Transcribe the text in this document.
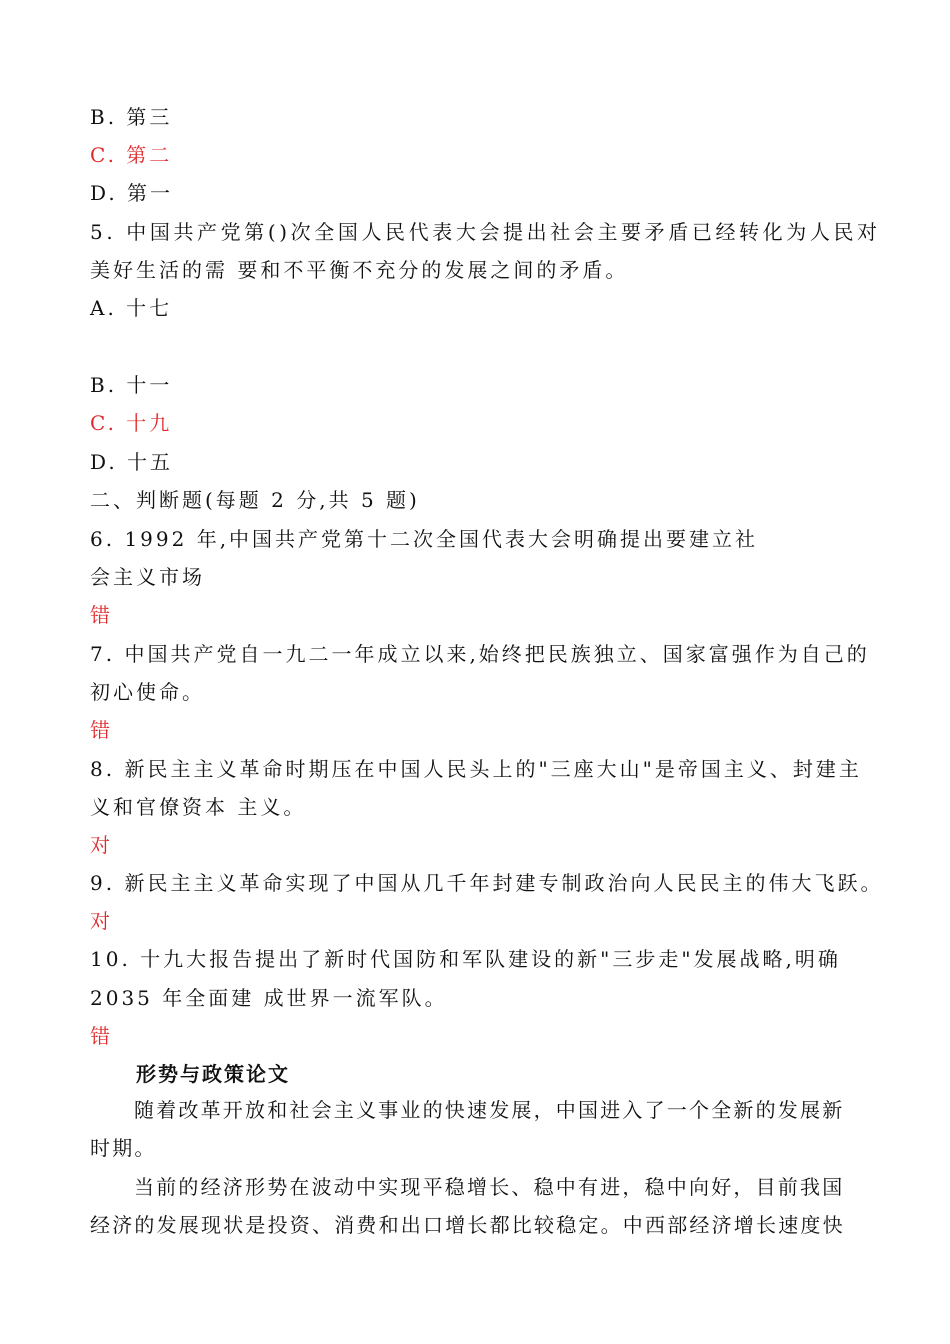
B. 第三
C. 第二
D. 第一
5. 中国共产党第()次全国人民代表大会提出社会主要矛盾已经转化为人民对
美好生活的需 要和不平衡不充分的发展之间的矛盾。
A. 十七
B. 十一
C. 十九
D. 十五
二、判断题(每题 2 分,共 5 题)
6. 1992 年,中国共产党第十二次全国代表大会明确提出要建立社
会主义市场
错
7. 中国共产党自一九二一年成立以来,始终把民族独立、国家富强作为自己的
初心使命。
错
8. 新民主主义革命时期压在中国人民头上的"三座大山"是帝国主义、封建主
义和官僚资本 主义。
对
9. 新民主主义革命实现了中国从几千年封建专制政治向人民民主的伟大飞跃。
对
10. 十九大报告提出了新时代国防和军队建设的新"三步走"发展战略,明确
2035 年全面建 成世界一流军队。
错
形势与政策论文
随着改革开放和社会主义事业的快速发展，中国进入了一个全新的发展新时期。
当前的经济形势在波动中实现平稳增长、稳中有进，稳中向好，目前我国经济的发展现状是投资、消费和出口增长都比较稳定。中西部经济增长速度快
